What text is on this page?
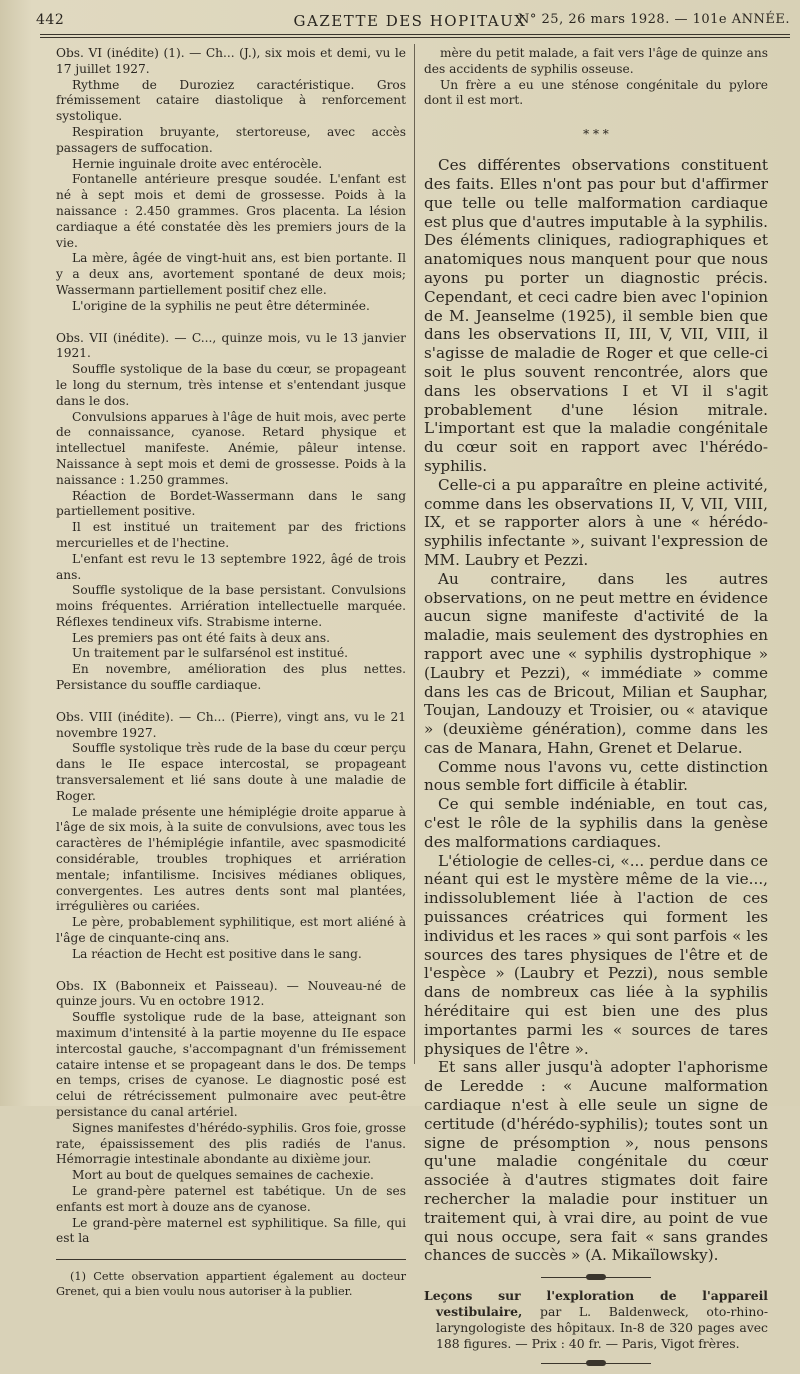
442	GAZETTE DES HOPITAUX
N° 25, 26 mars 1928. — 101e ANNÉE.

Obs. VI (inédite) (1). — Ch... (J.), six mois et demi, vu le 17 juillet 1927.

Rythme de Duroziez caractéristique. Gros frémissement cataire diastolique à renforcement systolique.

Respiration bruyante, stertoreuse, avec accès passagers de suffocation.

Hernie inguinale droite avec entérocèle.

Fontanelle antérieure presque soudée. L'enfant est né à sept mois et demi de grossesse. Poids à la naissance : 2.450 grammes. Gros placenta. La lésion cardiaque a été constatée dès les premiers jours de la vie.

La mère, âgée de vingt-huit ans, est bien portante. Il y a deux ans, avortement spontané de deux mois; Wassermann partiellement positif chez elle.

L'origine de la syphilis ne peut être déterminée.

Obs. VII (inédite). — C..., quinze mois, vu le 13 janvier 1921.

Souffle systolique de la base du cœur, se propageant le long du sternum, très intense et s'entendant jusque dans le dos.

Convulsions apparues à l'âge de huit mois, avec perte de connaissance, cyanose. Retard physique et intellectuel manifeste. Anémie, pâleur intense. Naissance à sept mois et demi de grossesse. Poids à la naissance : 1.250 grammes.

Réaction de Bordet-Wassermann dans le sang partiellement positive.

Il est institué un traitement par des frictions mercurielles et de l'hectine.

L'enfant est revu le 13 septembre 1922, âgé de trois ans.

Souffle systolique de la base persistant. Convulsions moins fréquentes. Arriération intellectuelle marquée. Réflexes tendineux vifs. Strabisme interne.

Les premiers pas ont été faits à deux ans.

Un traitement par le sulfarsénol est institué.

En novembre, amélioration des plus nettes. Persistance du souffle cardiaque.

Obs. VIII (inédite). — Ch... (Pierre), vingt ans, vu le 21 novembre 1927.

Souffle systolique très rude de la base du cœur perçu dans le IIe espace intercostal, se propageant transversalement et lié sans doute à une maladie de Roger.

Le malade présente une hémiplégie droite apparue à l'âge de six mois, à la suite de convulsions, avec tous les caractères de l'hémiplégie infantile, avec spasmodicité considérable, troubles trophiques et arriération mentale; infantilisme. Incisives médianes obliques, convergentes. Les autres dents sont mal plantées, irrégulières ou cariées.

Le père, probablement syphilitique, est mort aliéné à l'âge de cinquante-cinq ans.

La réaction de Hecht est positive dans le sang.

Obs. IX (Babonneix et Paisseau). — Nouveau-né de quinze jours. Vu en octobre 1912.

Souffle systolique rude de la base, atteignant son maximum d'intensité à la partie moyenne du IIe espace intercostal gauche, s'accompagnant d'un frémissement cataire intense et se propageant dans le dos. De temps en temps, crises de cyanose. Le diagnostic posé est celui de rétrécissement pulmonaire avec peut-être persistance du canal artériel.

Signes manifestes d'hérédo-syphilis. Gros foie, grosse rate, épaississement des plis radiés de l'anus. Hémorragie intestinale abondante au dixième jour.

Mort au bout de quelques semaines de cachexie.

Le grand-père paternel est tabétique. Un de ses enfants est mort à douze ans de cyanose.

Le grand-père maternel est syphilitique. Sa fille, qui est la

(1) Cette observation appartient également au docteur Grenet, qui a bien voulu nous autoriser à la publier.

mère du petit malade, a fait vers l'âge de quinze ans des accidents de syphilis osseuse.

Un frère a eu une sténose congénitale du pylore dont il est mort.

* * *

Ces différentes observations constituent des faits. Elles n'ont pas pour but d'affirmer que telle ou telle malformation cardiaque est plus que d'autres imputable à la syphilis. Des éléments cliniques, radiographiques et anatomiques nous manquent pour que nous ayons pu porter un diagnostic précis. Cependant, et ceci cadre bien avec l'opinion de M. Jeanselme (1925), il semble bien que dans les observations II, III, V, VII, VIII, il s'agisse de maladie de Roger et que celle-ci soit le plus souvent rencontrée, alors que dans les observations I et VI il s'agit probablement d'une lésion mitrale. L'important est que la maladie congénitale du cœur soit en rapport avec l'hérédo-syphilis.

Celle-ci a pu apparaître en pleine activité, comme dans les observations II, V, VII, VIII, IX, et se rapporter alors à une « hérédo-syphilis infectante », suivant l'expression de MM. Laubry et Pezzi.

Au contraire, dans les autres observations, on ne peut mettre en évidence aucun signe manifeste d'activité de la maladie, mais seulement des dystrophies en rapport avec une « syphilis dystrophique » (Laubry et Pezzi), « immédiate » comme dans les cas de Bricout, Milian et Sauphar, Toujan, Landouzy et Troisier, ou « atavique » (deuxième génération), comme dans les cas de Manara, Hahn, Grenet et Delarue.

Comme nous l'avons vu, cette distinction nous semble fort difficile à établir.

Ce qui semble indéniable, en tout cas, c'est le rôle de la syphilis dans la genèse des malformations cardiaques.

L'étiologie de celles-ci, «... perdue dans ce néant qui est le mystère même de la vie..., indissolublement liée à l'action de ces puissances créatrices qui forment les individus et les races » qui sont parfois « les sources des tares physiques de l'être et de l'espèce » (Laubry et Pezzi), nous semble dans de nombreux cas liée à la syphilis héréditaire qui est bien une des plus importantes parmi les « sources de tares physiques de l'être ».

Et sans aller jusqu'à adopter l'aphorisme de Leredde : « Aucune malformation cardiaque n'est à elle seule un signe de certitude (d'hérédo-syphilis); toutes sont un signe de présomption », nous pensons qu'une maladie congénitale du cœur associée à d'autres stigmates doit faire rechercher la maladie pour instituer un traitement qui, à vrai dire, au point de vue qui nous occupe, sera fait « sans grandes chances de succès » (A. Mikaïlowsky).

Leçons sur l'exploration de l'appareil vestibulaire, par L. Baldenweck, oto-rhino-laryngologiste des hôpitaux. In-8 de 320 pages avec 188 figures. — Prix : 40 fr. — Paris, Vigot frères.
